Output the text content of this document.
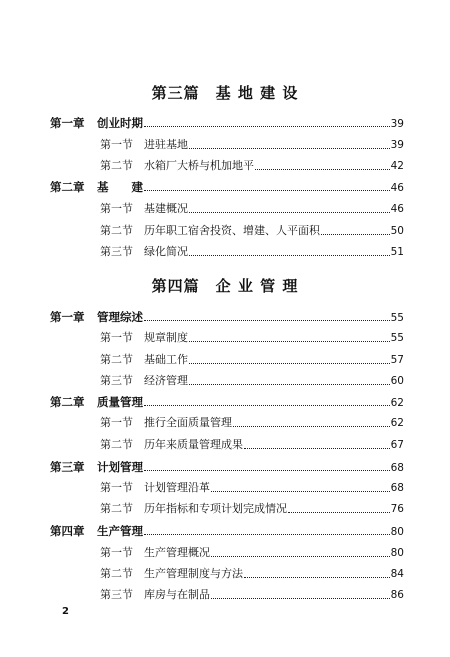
第三篇　基 地 建 设
第一章	创业时期	39
第一节	进驻基地	39
第二节	水箱厂大桥与机加地平	42
第二章	基　　建	46
第一节	基建概况	46
第二节	历年职工宿舍投资、增建、人平面积	50
第三节	绿化简况	51
第四篇　企 业 管 理
第一章	管理综述	55
第一节	规章制度	55
第二节	基础工作	57
第三节	经济管理	60
第二章	质量管理	62
第一节	推行全面质量管理	62
第二节	历年来质量管理成果	67
第三章	计划管理	68
第一节	计划管理沿革	68
第二节	历年指标和专项计划完成情况	76
第四章	生产管理	80
第一节	生产管理概况	80
第二节	生产管理制度与方法	84
第三节	库房与在制品	86
2
